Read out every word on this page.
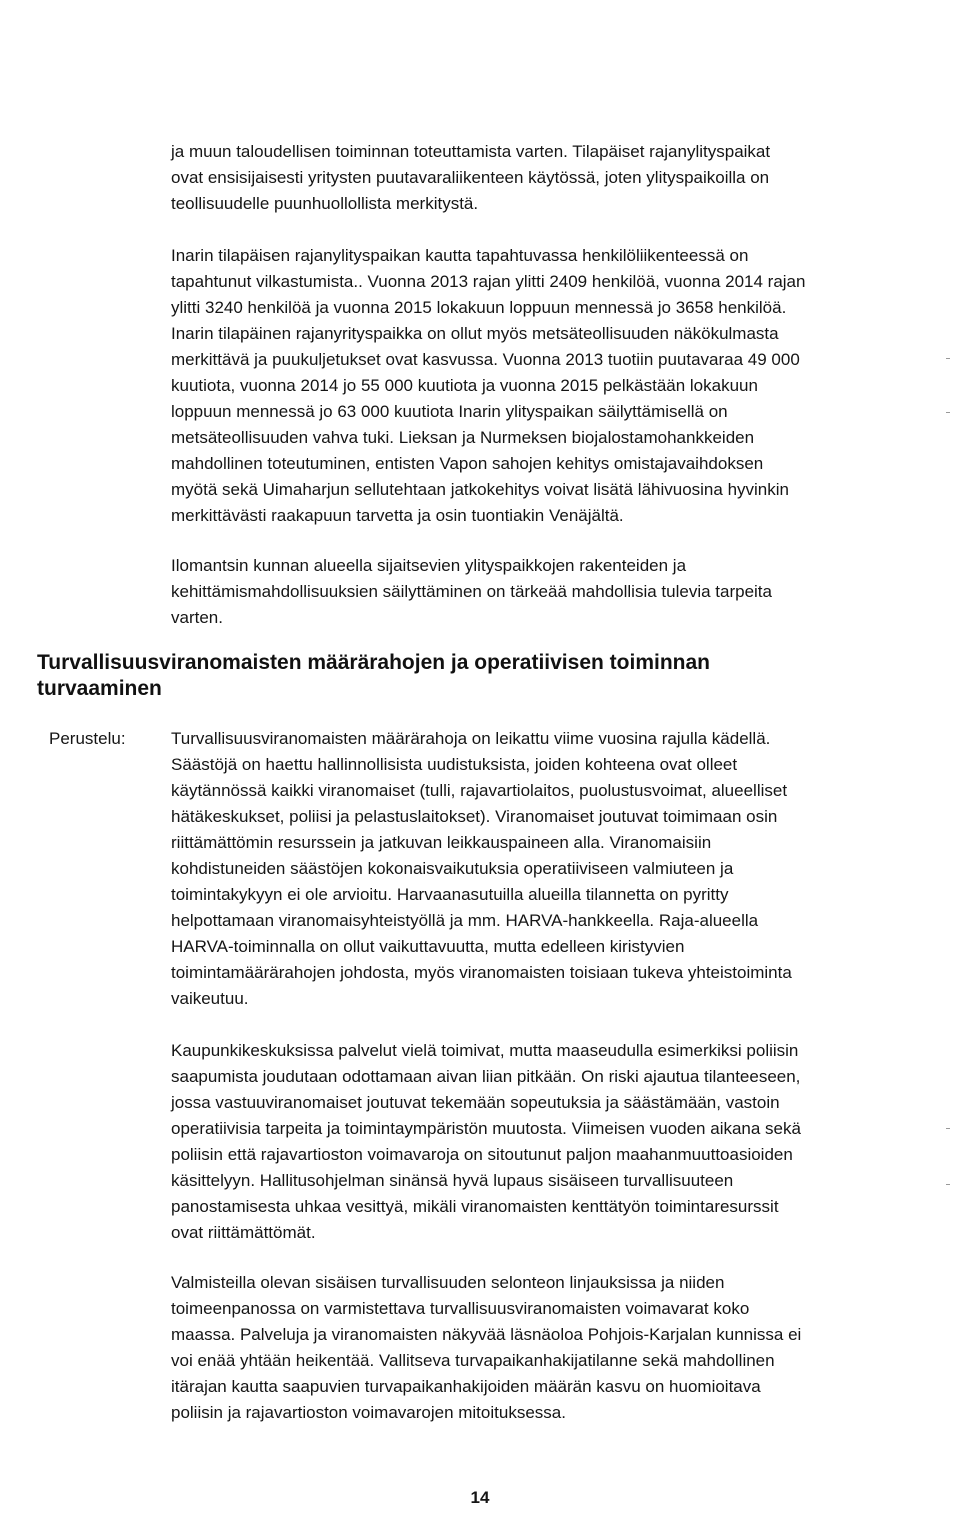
ja muun taloudellisen toiminnan toteuttamista varten. Tilapäiset rajanylityspaikat
ovat ensisijaisesti yritysten puutavaraliikenteen käytössä, joten ylityspaikoilla on
teollisuudelle puunhuollollista merkitystä.
Inarin tilapäisen rajanylityspaikan kautta tapahtuvassa henkilöliikenteessä on
tapahtunut vilkastumista.. Vuonna 2013 rajan ylitti 2409 henkilöä, vuonna 2014 rajan
ylitti 3240 henkilöä ja vuonna 2015 lokakuun loppuun mennessä jo 3658 henkilöä.
Inarin tilapäinen rajanyrityspaikka on ollut myös metsäteollisuuden näkökulmasta
merkittävä ja puukuljetukset ovat kasvussa. Vuonna 2013 tuotiin puutavaraa 49 000
kuutiota, vuonna 2014 jo 55 000 kuutiota ja vuonna 2015 pelkästään lokakuun
loppuun mennessä jo 63 000 kuutiota Inarin ylityspaikan säilyttämisellä on
metsäteollisuuden vahva tuki. Lieksan ja Nurmeksen biojalostamohankkeiden
mahdollinen toteutuminen, entisten Vapon sahojen kehitys omistajavaihdoksen
myötä sekä Uimaharjun sellutehtaan jatkokehitys voivat lisätä lähivuosina hyvinkin
merkittävästi raakapuun tarvetta ja osin tuontiakin Venäjältä.
Ilomantsin kunnan alueella sijaitsevien ylityspaikkojen rakenteiden ja
kehittämismahdollisuuksien säilyttäminen on tärkeää mahdollisia tulevia tarpeita
varten.
Turvallisuusviranomaisten määrärahojen ja operatiivisen toiminnan
turvaaminen
Perustelu:	Turvallisuusviranomaisten määrärahoja on leikattu viime vuosina rajulla kädellä.
Säästöjä on haettu hallinnollisista uudistuksista, joiden kohteena ovat olleet
käytännössä kaikki viranomaiset (tulli, rajavartiolaitos, puolustusvoimat, alueelliset
hätäkeskukset, poliisi ja pelastuslaitokset). Viranomaiset joutuvat toimimaan osin
riittämättömin resurssein ja jatkuvan leikkauspaineen alla. Viranomaisiin
kohdistuneiden säästöjen kokonaisvaikutuksia operatiiviseen valmiuteen ja
toimintakykyyn ei ole arvioitu. Harvaanasutuilla alueilla tilannetta on pyritty
helpottamaan viranomaisyhteistyöllä ja mm. HARVA-hankkeella. Raja-alueella
HARVA-toiminnalla on ollut vaikuttavuutta, mutta edelleen kiristyvien
toimintamäärärahojen johdosta, myös viranomaisten toisiaan tukeva yhteistoiminta
vaikeutuu.
Kaupunkikeskuksissa palvelut vielä toimivat, mutta maaseudulla esimerkiksi poliisin
saapumista joudutaan odottamaan aivan liian pitkään. On riski ajautua tilanteeseen,
jossa vastuuviranomaiset joutuvat tekemään sopeutuksia ja säästämään, vastoin
operatiivisia tarpeita ja toimintaympäristön muutosta. Viimeisen vuoden aikana sekä
poliisin että rajavartioston voimavaroja on sitoutunut paljon maahanmuuttoasioiden
käsittelyyn. Hallitusohjelman sinänsä hyvä lupaus sisäiseen turvallisuuteen
panostamisesta uhkaa vesittyä, mikäli viranomaisten kenttätyön toimintaresurssit
ovat riittämättömät.
Valmisteilla olevan sisäisen turvallisuuden selonteon linjauksissa ja niiden
toimeenpanossa on varmistettava turvallisuusviranomaisten voimavarat koko
maassa. Palveluja ja viranomaisten näkyvää läsnäoloa Pohjois-Karjalan kunnissa ei
voi enää yhtään heikentää. Vallitseva turvapaikanhakijatilanne sekä mahdollinen
itärajan kautta saapuvien turvapaikanhakijoiden määrän kasvu on huomioitava
poliisin ja rajavartioston voimavarojen mitoituksessa.
14
